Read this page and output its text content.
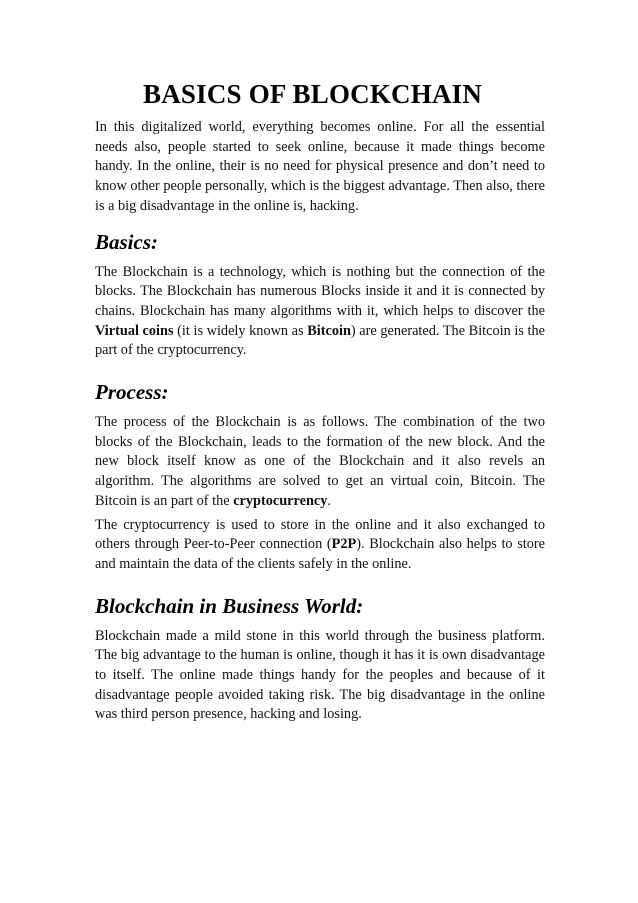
BASICS OF BLOCKCHAIN

In this digitalized world, everything becomes online. For all the essential needs also, people started to seek online, because it made things become handy. In the online, their is no need for physical presence and don’t need to know other people personally, which is the biggest advantage. Then also, there is a big disadvantage in the online is, hacking.

Basics:

The Blockchain is a technology, which is nothing but the connection of the blocks. The Blockchain has numerous Blocks inside it and it is connected by chains. Blockchain has many algorithms with it, which helps to discover the Virtual coins (it is widely known as Bitcoin) are generated. The Bitcoin is the part of the cryptocurrency.

Process:

The process of the Blockchain is as follows. The combination of the two blocks of the Blockchain, leads to the formation of the new block. And the new block itself know as one of the Blockchain and it also revels an algorithm. The algorithms are solved to get an virtual coin, Bitcoin. The Bitcoin is an part of the cryptocurrency.

The cryptocurrency is used to store in the online and it also exchanged to others through Peer-to-Peer connection (P2P). Blockchain also helps to store and maintain the data of the clients safely in the online.

Blockchain in Business World:

Blockchain made a mild stone in this world through the business platform. The big advantage to the human is online, though it has it is own disadvantage to itself. The online made things handy for the peoples and because of it disadvantage people avoided taking risk. The big disadvantage in the online was third person presence, hacking and losing.
